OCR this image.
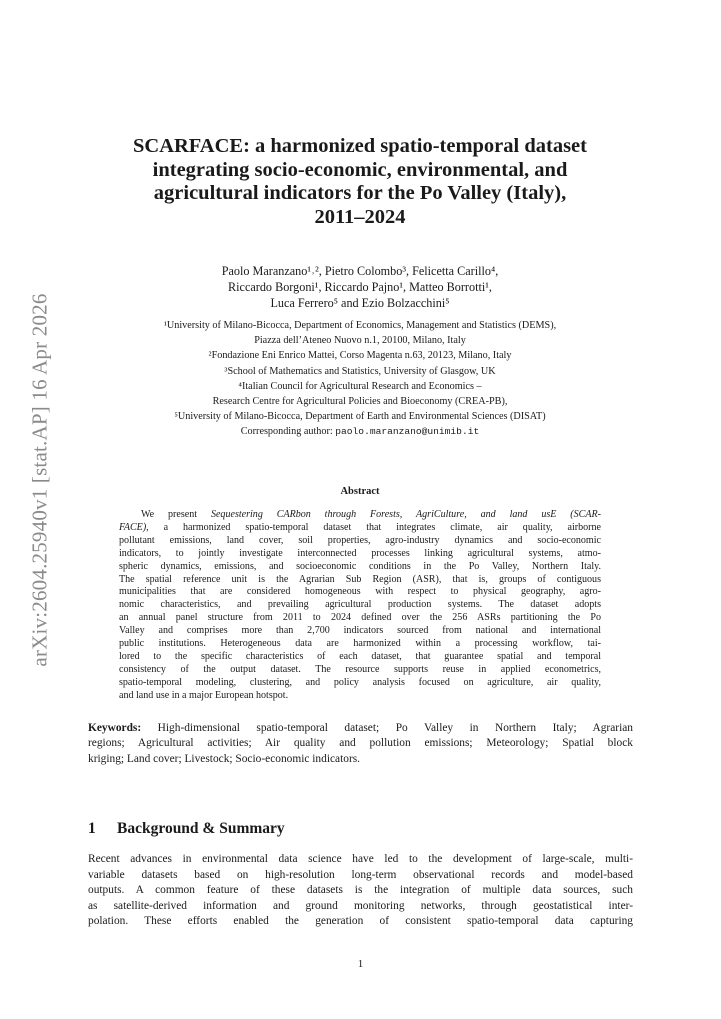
arXiv:2604.25940v1 [stat.AP] 16 Apr 2026
SCARFACE: a harmonized spatio-temporal dataset
integrating socio-economic, environmental, and
agricultural indicators for the Po Valley (Italy),
2011–2024
Paolo Maranzano¹˒², Pietro Colombo³, Felicetta Carillo⁴,
Riccardo Borgoni¹, Riccardo Pajno¹, Matteo Borrotti¹,
Luca Ferrero⁵ and Ezio Bolzacchini⁵
¹University of Milano-Bicocca, Department of Economics, Management and Statistics (DEMS),
Piazza dell’Ateneo Nuovo n.1, 20100, Milano, Italy
²Fondazione Eni Enrico Mattei, Corso Magenta n.63, 20123, Milano, Italy
³School of Mathematics and Statistics, University of Glasgow, UK
⁴Italian Council for Agricultural Research and Economics –
Research Centre for Agricultural Policies and Bioeconomy (CREA-PB),
⁵University of Milano-Bicocca, Department of Earth and Environmental Sciences (DISAT)
Corresponding author: paolo.maranzano@unimib.it
Abstract
We present Sequestering CARbon through Forests, AgriCulture, and land usE (SCAR-
FACE), a harmonized spatio-temporal dataset that integrates climate, air quality, airborne
pollutant emissions, land cover, soil properties, agro-industry dynamics and socio-economic
indicators, to jointly investigate interconnected processes linking agricultural systems, atmo-
spheric dynamics, emissions, and socioeconomic conditions in the Po Valley, Northern Italy.
The spatial reference unit is the Agrarian Sub Region (ASR), that is, groups of contiguous
municipalities that are considered homogeneous with respect to physical geography, agro-
nomic characteristics, and prevailing agricultural production systems. The dataset adopts
an annual panel structure from 2011 to 2024 defined over the 256 ASRs partitioning the Po
Valley and comprises more than 2,700 indicators sourced from national and international
public institutions. Heterogeneous data are harmonized within a processing workflow, tai-
lored to the specific characteristics of each dataset, that guarantee spatial and temporal
consistency of the output dataset. The resource supports reuse in applied econometrics,
spatio-temporal modeling, clustering, and policy analysis focused on agriculture, air quality,
and land use in a major European hotspot.
Keywords: High-dimensional spatio-temporal dataset; Po Valley in Northern Italy; Agrarian
regions; Agricultural activities; Air quality and pollution emissions; Meteorology; Spatial block
kriging; Land cover; Livestock; Socio-economic indicators.
1 Background & Summary
Recent advances in environmental data science have led to the development of large-scale, multi-
variable datasets based on high-resolution long-term observational records and model-based
outputs. A common feature of these datasets is the integration of multiple data sources, such
as satellite-derived information and ground monitoring networks, through geostatistical inter-
polation. These efforts enabled the generation of consistent spatio-temporal data capturing
1
